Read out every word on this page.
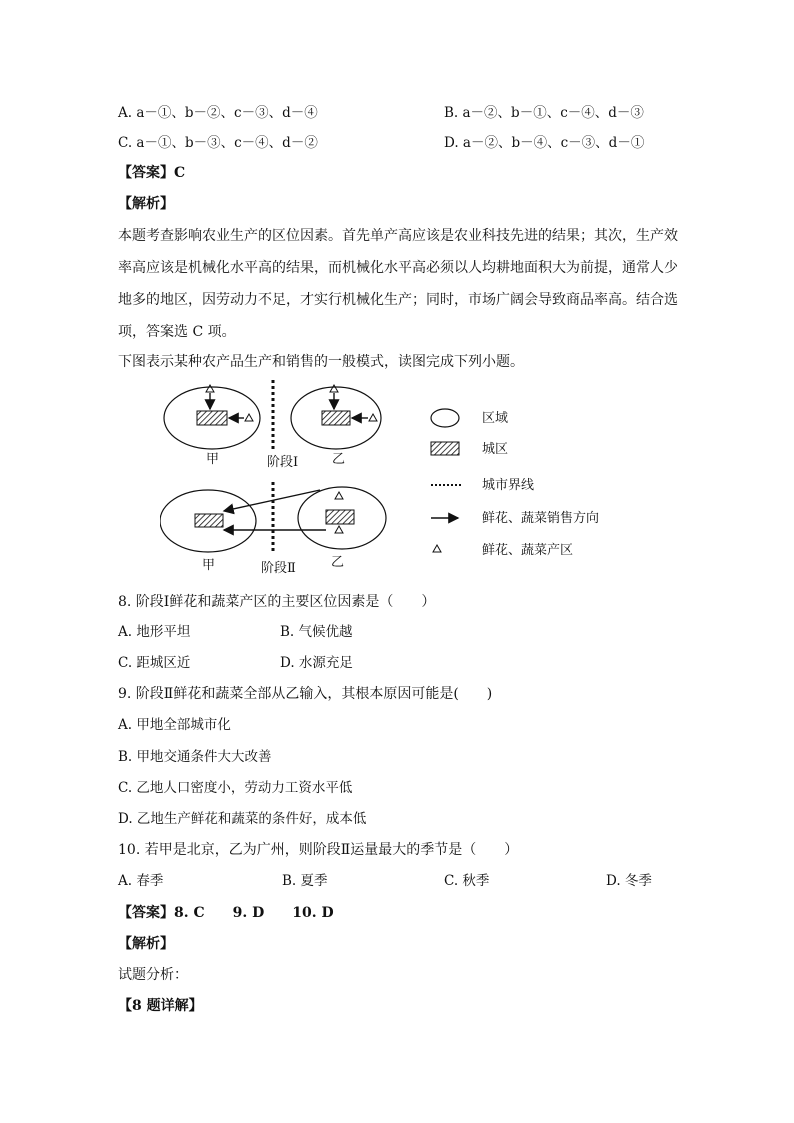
A. a－①、b－②、c－③、d－④	B. a－②、b－①、c－④、d－③
C. a－①、b－③、c－④、d－②	D. a－②、b－④、c－③、d－①
【答案】C
【解析】
本题考查影响农业生产的区位因素。首先单产高应该是农业科技先进的结果；其次，生产效
率高应该是机械化水平高的结果，而机械化水平高必须以人均耕地面积大为前提，通常人少
地多的地区，因劳动力不足，才实行机械化生产；同时，市场广阔会导致商品率高。结合选
项，答案选 C 项。
下图表示某种农产品生产和销售的一般模式，读图完成下列小题。
甲	阶段Ⅰ	乙
甲	阶段Ⅱ	乙
区域
城区
城市界线
鲜花、蔬菜销售方向
鲜花、蔬菜产区
8. 阶段Ⅰ鲜花和蔬菜产区的主要区位因素是（　　）
A. 地形平坦	B. 气候优越
C. 距城区近	D. 水源充足
9. 阶段Ⅱ鲜花和蔬菜全部从乙输入，其根本原因可能是(　　)
A. 甲地全部城市化
B. 甲地交通条件大大改善
C. 乙地人口密度小，劳动力工资水平低
D. 乙地生产鲜花和蔬菜的条件好，成本低
10. 若甲是北京，乙为广州，则阶段Ⅱ运量最大的季节是（　　）
A. 春季	B. 夏季	C. 秋季	D. 冬季
【答案】8. C　　9. D　　10. D
【解析】
试题分析：
【8 题详解】
